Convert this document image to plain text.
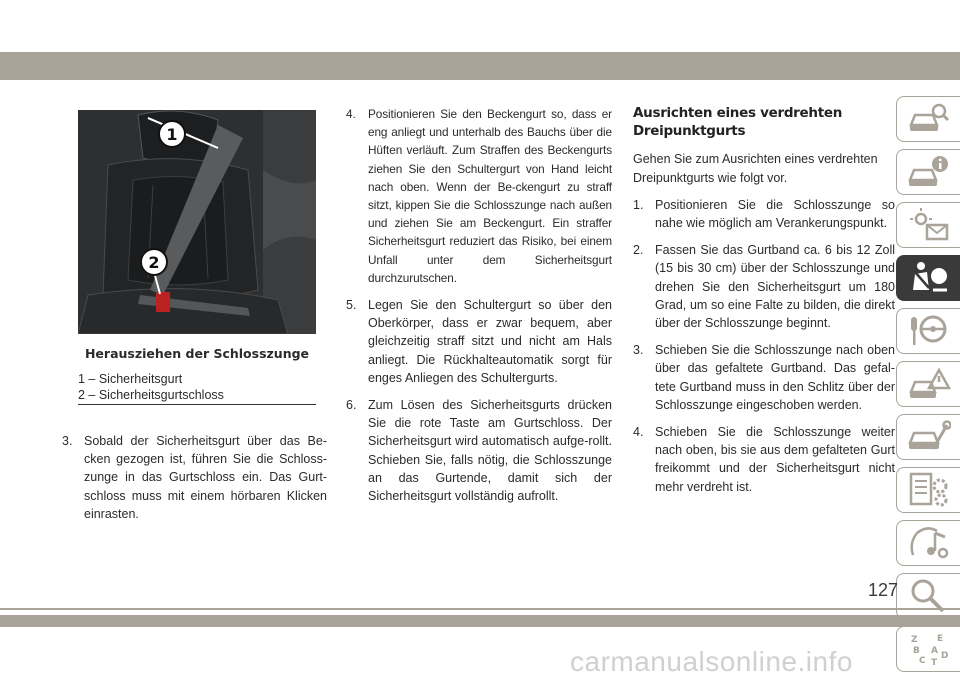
1
2
Herausziehen der Schlosszunge
1 – Sicherheitsgurt
2 – Sicherheitsgurtschloss
3. Sobald der Sicherheitsgurt über das Be-cken gezogen ist, führen Sie die Schloss-zunge in das Gurtschloss ein. Das Gurt-schloss muss mit einem hörbaren Klicken einrasten.
4. Positionieren Sie den Beckengurt so, dass er eng anliegt und unterhalb des Bauchs über die Hüften verläuft. Zum Straffen des Beckengurts ziehen Sie den Schultergurt von Hand leicht nach oben. Wenn der Be-ckengurt zu straff sitzt, kippen Sie die Schlosszunge nach außen und ziehen Sie am Beckengurt. Ein straffer Sicherheitsgurt reduziert das Risiko, bei einem Unfall unter dem Sicherheitsgurt durchzurutschen.
5. Legen Sie den Schultergurt so über den Oberkörper, dass er zwar bequem, aber gleichzeitig straff sitzt und nicht am Hals anliegt. Die Rückhalteautomatik sorgt für enges Anliegen des Schultergurts.
6. Zum Lösen des Sicherheitsgurts drücken Sie die rote Taste am Gurtschloss. Der Sicherheitsgurt wird automatisch aufge-rollt. Schieben Sie, falls nötig, die Schlosszunge an das Gurtende, damit sich der Sicherheitsgurt vollständig aufrollt.
Ausrichten eines verdrehten Dreipunktgurts
Gehen Sie zum Ausrichten eines verdrehten Dreipunktgurts wie folgt vor.
1. Positionieren Sie die Schlosszunge so nahe wie möglich am Verankerungspunkt.
2. Fassen Sie das Gurtband ca. 6 bis 12 Zoll (15 bis 30 cm) über der Schlosszunge und drehen Sie den Sicherheitsgurt um 180 Grad, um so eine Falte zu bilden, die direkt über der Schlosszunge beginnt.
3. Schieben Sie die Schlosszunge nach oben über das gefaltete Gurtband. Das gefal-tete Gurtband muss in den Schlitz über der Schlosszunge eingeschoben werden.
4. Schieben Sie die Schlosszunge weiter nach oben, bis sie aus dem gefalteten Gurt freikommt und der Sicherheitsgurt nicht mehr verdreht ist.
Z E B A C D T
127
carmanualsonline.info
